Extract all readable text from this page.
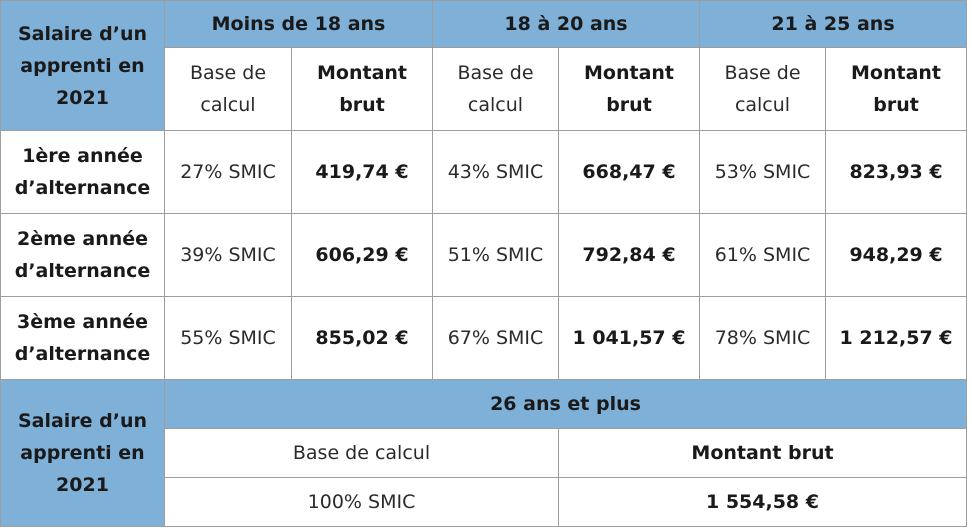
Salaire d’un apprenti en 2021	Moins de 18 ans		18 à 20 ans		21 à 25 ans	
	Base de calcul	Montant brut	Base de calcul	Montant brut	Base de calcul	Montant brut
1ère année d’alternance	27% SMIC	419,74 €	43% SMIC	668,47 €	53% SMIC	823,93 €
2ème année d’alternance	39% SMIC	606,29 €	51% SMIC	792,84 €	61% SMIC	948,29 €
3ème année d’alternance	55% SMIC	855,02 €	67% SMIC	1 041,57 €	78% SMIC	1 212,57 €
Salaire d’un apprenti en 2021	26 ans et plus	
	Base de calcul	Montant brut
	100% SMIC	1 554,58 €
